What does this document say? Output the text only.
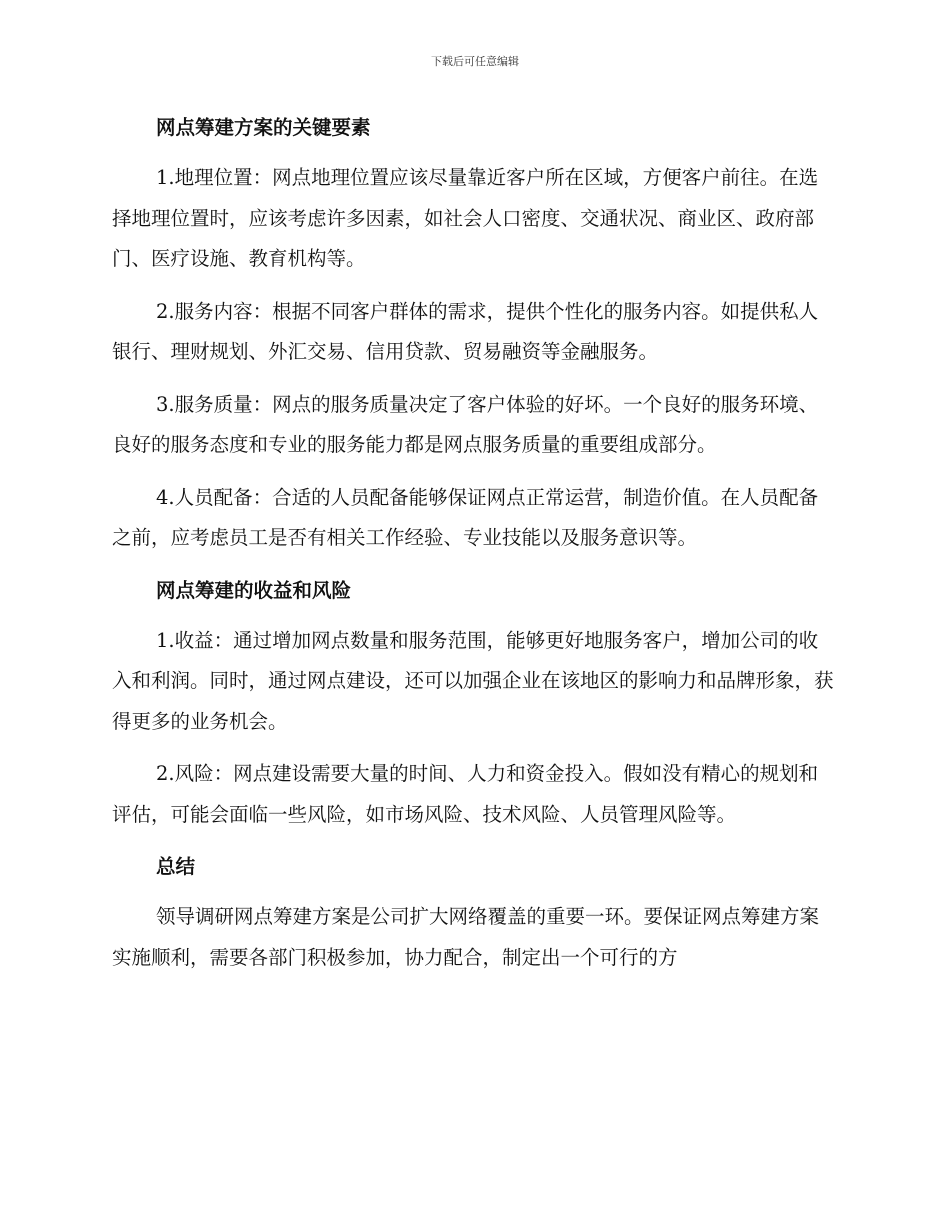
下载后可任意编辑
网点筹建方案的关键要素

1.地理位置：网点地理位置应该尽量靠近客户所在区域，方便客户前往。在选择地理位置时，应该考虑许多因素，如社会人口密度、交通状况、商业区、政府部门、医疗设施、教育机构等。

2.服务内容：根据不同客户群体的需求，提供个性化的服务内容。如提供私人银行、理财规划、外汇交易、信用贷款、贸易融资等金融服务。

3.服务质量：网点的服务质量决定了客户体验的好坏。一个良好的服务环境、良好的服务态度和专业的服务能力都是网点服务质量的重要组成部分。

4.人员配备：合适的人员配备能够保证网点正常运营，制造价值。在人员配备之前，应考虑员工是否有相关工作经验、专业技能以及服务意识等。

网点筹建的收益和风险

1.收益：通过增加网点数量和服务范围，能够更好地服务客户，增加公司的收入和利润。同时，通过网点建设，还可以加强企业在该地区的影响力和品牌形象，获得更多的业务机会。

2.风险：网点建设需要大量的时间、人力和资金投入。假如没有精心的规划和评估，可能会面临一些风险，如市场风险、技术风险、人员管理风险等。

总结

领导调研网点筹建方案是公司扩大网络覆盖的重要一环。要保证网点筹建方案实施顺利，需要各部门积极参加，协力配合，制定出一个可行的方
